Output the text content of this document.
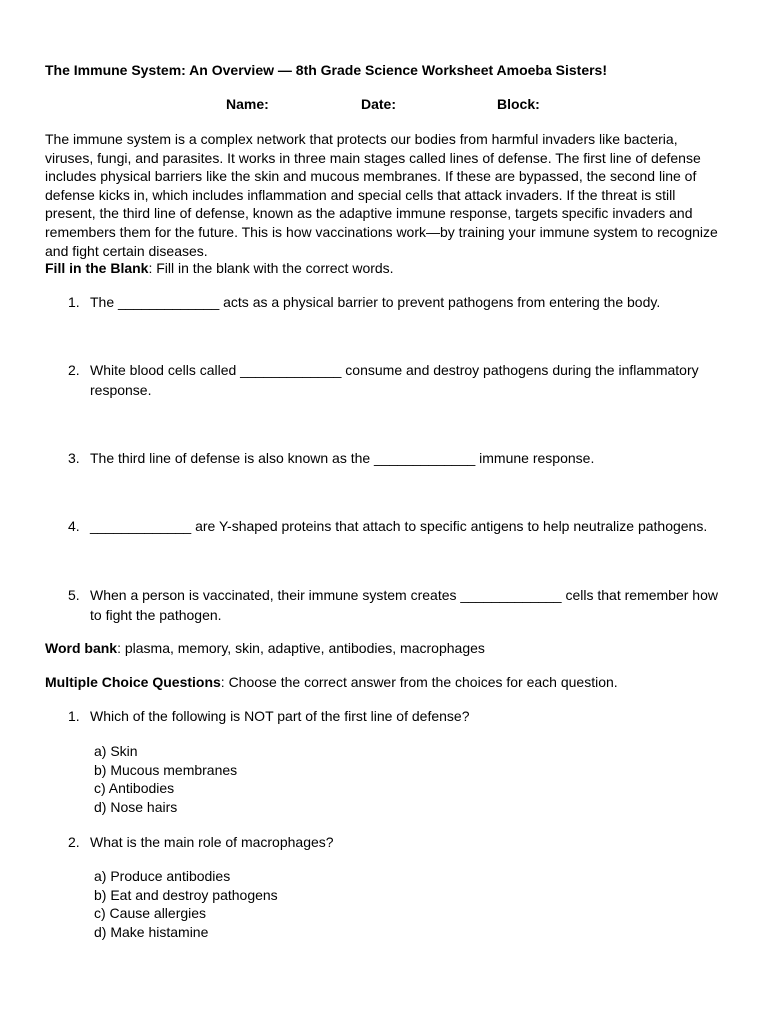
The Immune System: An Overview — 8th Grade Science Worksheet Amoeba Sisters!
Name:	Date:	Block:
The immune system is a complex network that protects our bodies from harmful invaders like bacteria, viruses, fungi, and parasites. It works in three main stages called lines of defense. The first line of defense includes physical barriers like the skin and mucous membranes. If these are bypassed, the second line of defense kicks in, which includes inflammation and special cells that attack invaders. If the threat is still present, the third line of defense, known as the adaptive immune response, targets specific invaders and remembers them for the future. This is how vaccinations work—by training your immune system to recognize and fight certain diseases.
Fill in the Blank: Fill in the blank with the correct words.
1. The _____________ acts as a physical barrier to prevent pathogens from entering the body.
2. White blood cells called _____________ consume and destroy pathogens during the inflammatory response.
3. The third line of defense is also known as the _____________ immune response.
4. _____________ are Y-shaped proteins that attach to specific antigens to help neutralize pathogens.
5. When a person is vaccinated, their immune system creates _____________ cells that remember how to fight the pathogen.
Word bank: plasma, memory, skin, adaptive, antibodies, macrophages
Multiple Choice Questions: Choose the correct answer from the choices for each question.
1. Which of the following is NOT part of the first line of defense?
a) Skin
b) Mucous membranes
c) Antibodies
d) Nose hairs
2. What is the main role of macrophages?
a) Produce antibodies
b) Eat and destroy pathogens
c) Cause allergies
d) Make histamine
